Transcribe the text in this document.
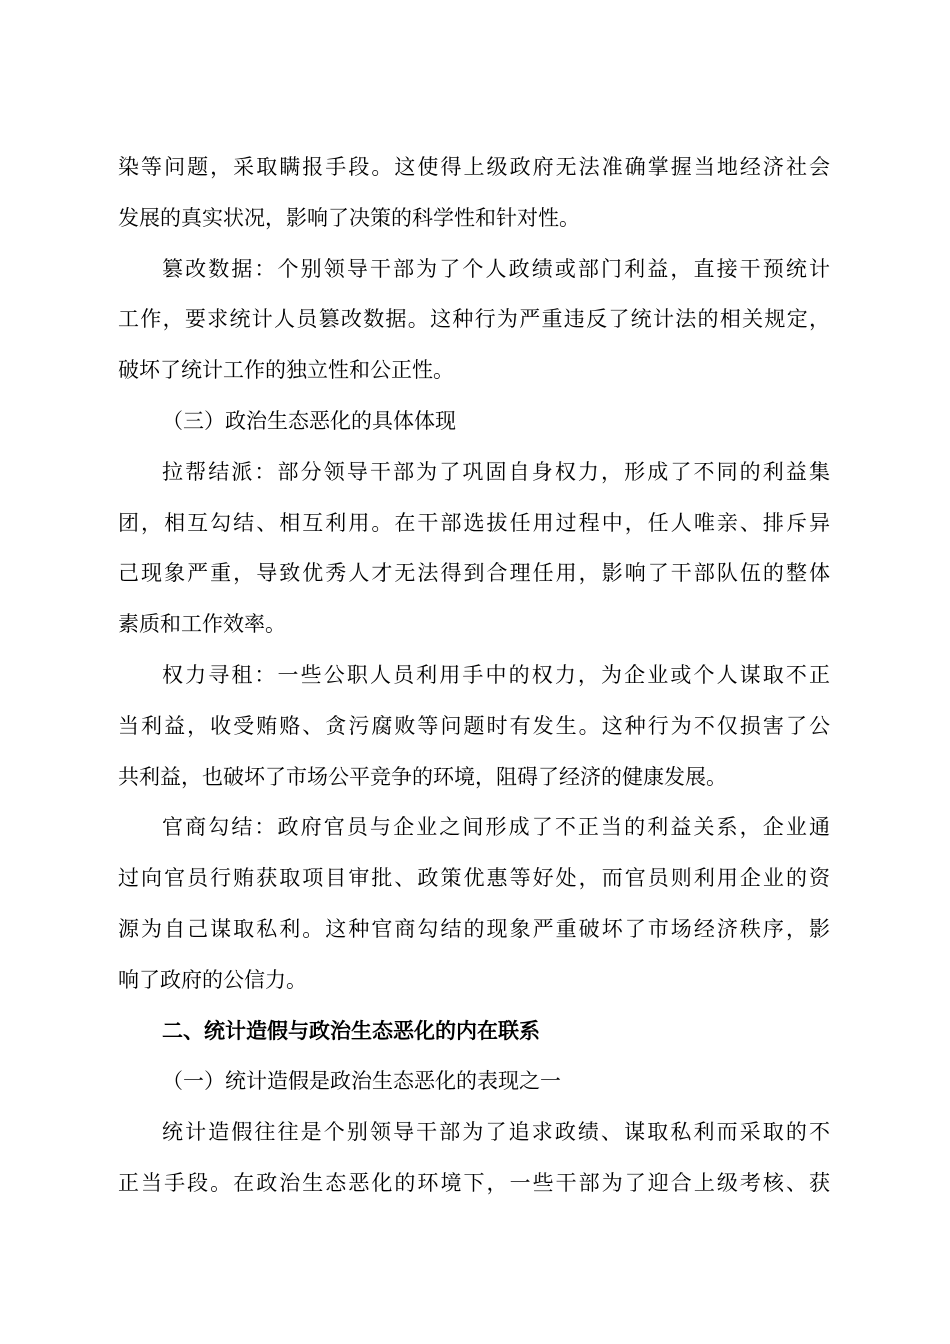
染等问题，采取瞒报手段。这使得上级政府无法准确掌握当地经济社会
发展的真实状况，影响了决策的科学性和针对性。
篡改数据：个别领导干部为了个人政绩或部门利益，直接干预统计
工作，要求统计人员篡改数据。这种行为严重违反了统计法的相关规定，
破坏了统计工作的独立性和公正性。
（三）政治生态恶化的具体体现
拉帮结派：部分领导干部为了巩固自身权力，形成了不同的利益集
团，相互勾结、相互利用。在干部选拔任用过程中，任人唯亲、排斥异
己现象严重，导致优秀人才无法得到合理任用，影响了干部队伍的整体
素质和工作效率。
权力寻租：一些公职人员利用手中的权力，为企业或个人谋取不正
当利益，收受贿赂、贪污腐败等问题时有发生。这种行为不仅损害了公
共利益，也破坏了市场公平竞争的环境，阻碍了经济的健康发展。
官商勾结：政府官员与企业之间形成了不正当的利益关系，企业通
过向官员行贿获取项目审批、政策优惠等好处，而官员则利用企业的资
源为自己谋取私利。这种官商勾结的现象严重破坏了市场经济秩序，影
响了政府的公信力。
二、统计造假与政治生态恶化的内在联系
（一）统计造假是政治生态恶化的表现之一
统计造假往往是个别领导干部为了追求政绩、谋取私利而采取的不
正当手段。在政治生态恶化的环境下，一些干部为了迎合上级考核、获
